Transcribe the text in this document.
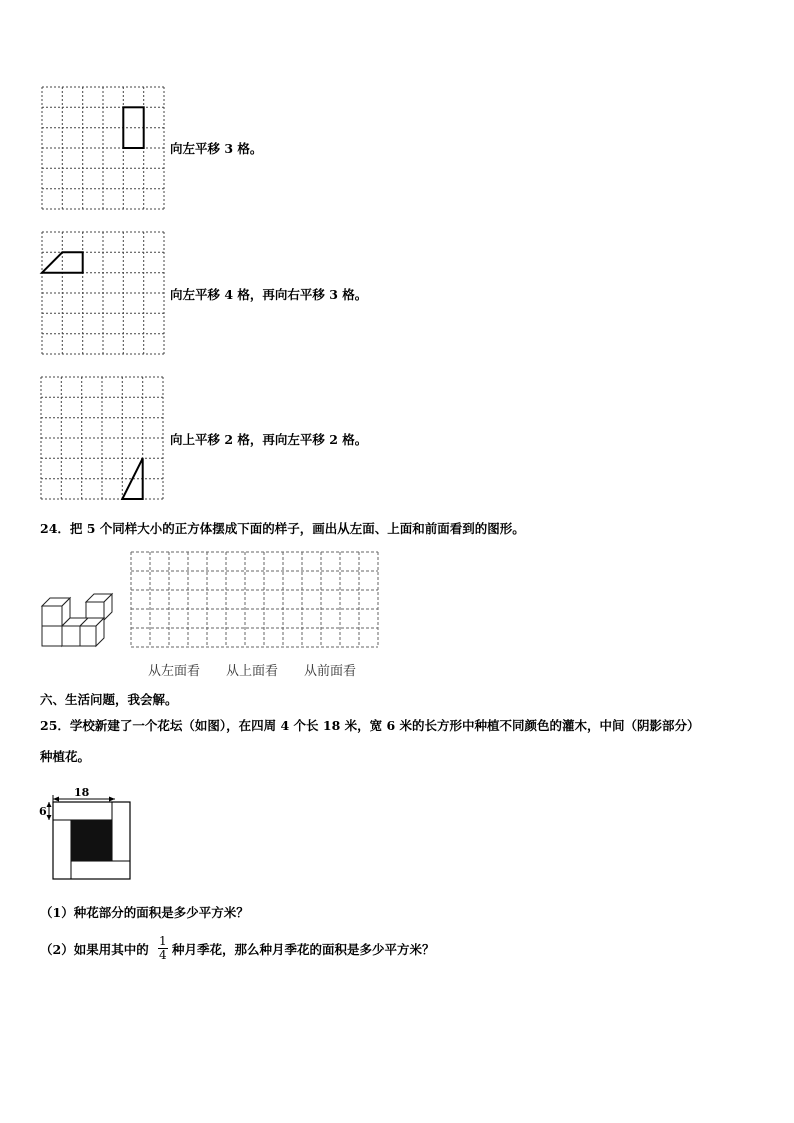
向左平移 3 格。
向左平移 4 格，再向右平移 3 格。
向上平移 2 格，再向左平移 2 格。
24．把 5 个同样大小的正方体摆成下面的样子，画出从左面、上面和前面看到的图形。
从左面看 从上面看 从前面看
六、生活问题，我会解。
25．学校新建了一个花坛（如图），在四周 4 个长 18 米，宽 6 米的长方形中种植不同颜色的灌木，中间（阴影部分）
种植花。
18
6
（1）种花部分的面积是多少平方米？
（2）如果用其中的 $\frac{1}{4}$ 种月季花，那么种月季花的面积是多少平方米？
